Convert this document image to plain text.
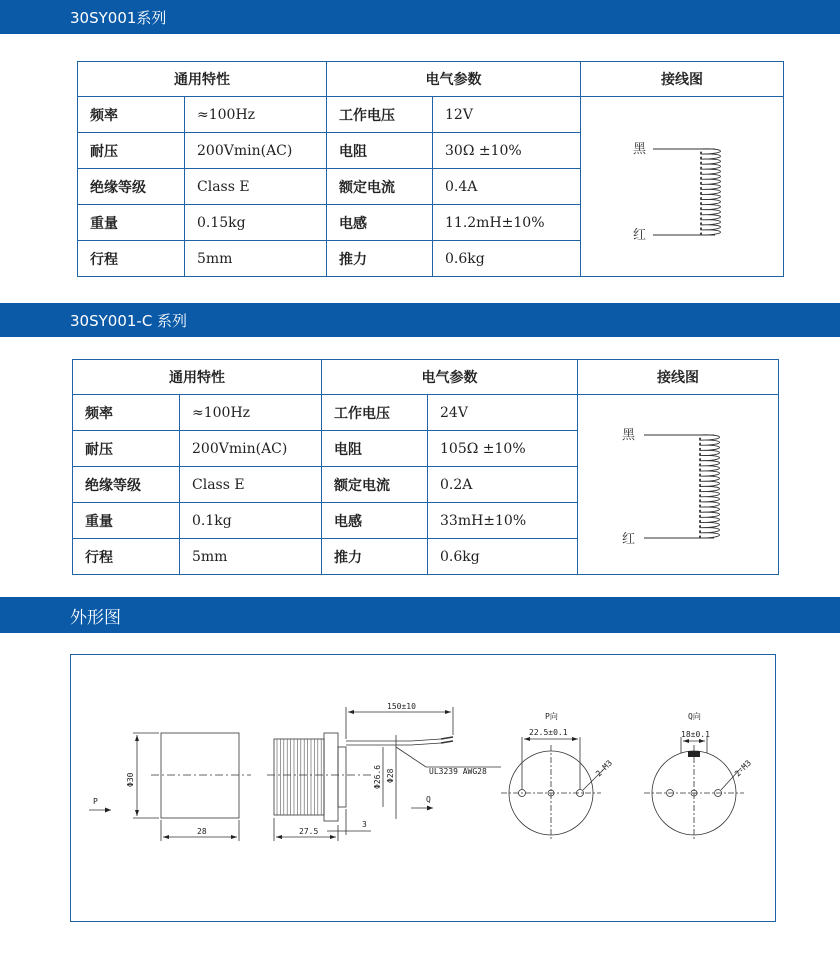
30SY001系列
通用特性		电气参数		接线图
频率	≈100Hz	工作电压	12V	黑
红

耐压	200Vmin(AC)	电阻	30Ω ±10%	
绝缘等级	Class E	额定电流	0.4A	
重量	0.15kg	电感	11.2mH±10%	
行程	5mm	推力	0.6kg	
30SY001-C 系列
通用特性		电气参数		接线图
频率	≈100Hz	工作电压	24V	黑
红

耐压	200Vmin(AC)	电阻	105Ω ±10%	
绝缘等级	Class E	额定电流	0.2A	
重量	0.1kg	电感	33mH±10%	
行程	5mm	推力	0.6kg	
外形图
Φ30
28
P
27.5
3
Φ26.6 Φ28
150±10
UL3239 AWG28
Q
P向
22.5±0.1
2-M3
Q向
18±0.1
2-M3
